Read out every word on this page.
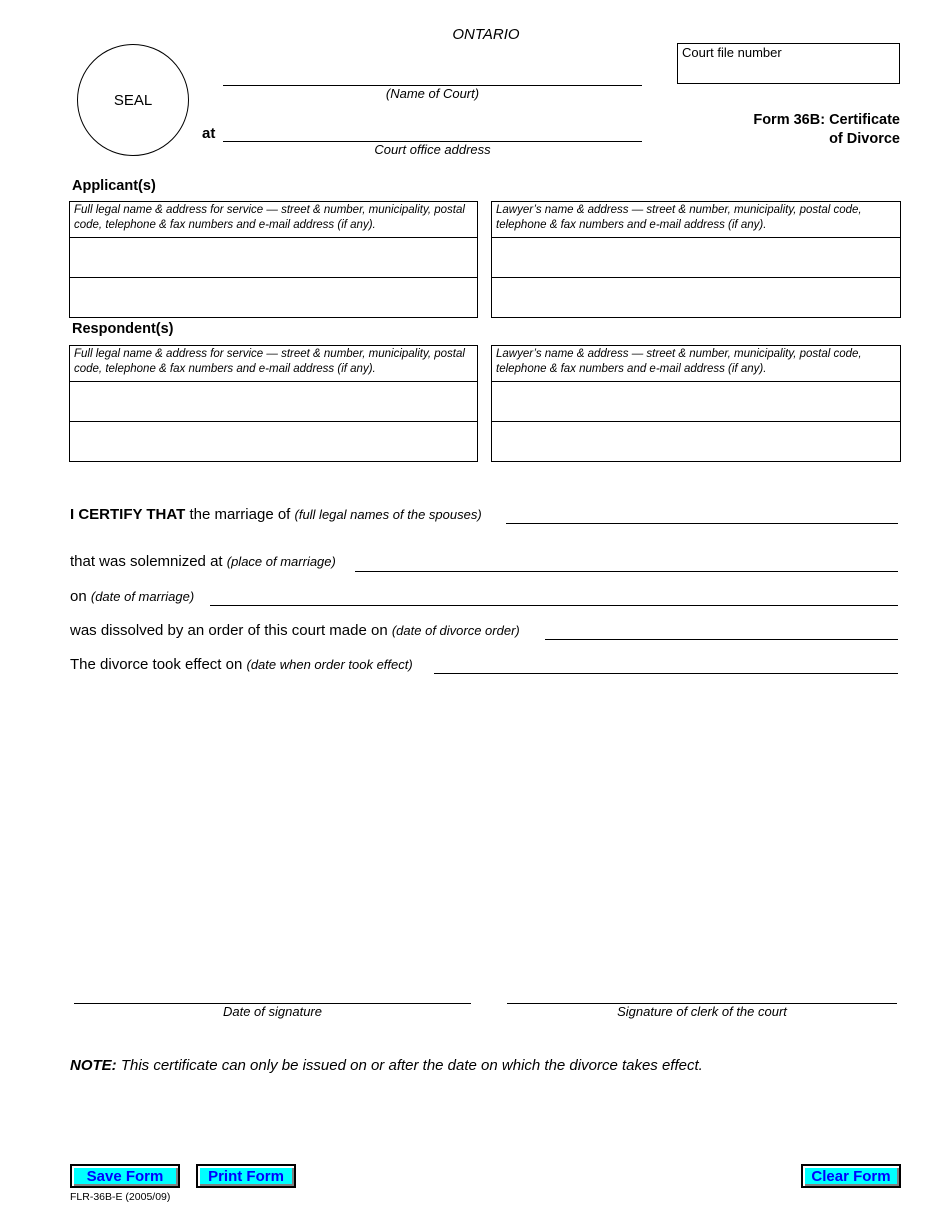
ONTARIO
SEAL	(Name of Court)
at
Court office address
Court file number
Form 36B: Certificate
of Divorce
Applicant(s)
Full legal name & address for service — street & number, municipality, postal code, telephone & fax numbers and e-mail address (if any).
Lawyer’s name & address — street & number, municipality, postal code, telephone & fax numbers and e-mail address (if any).
Respondent(s)
Full legal name & address for service — street & number, municipality, postal code, telephone & fax numbers and e-mail address (if any).
Lawyer’s name & address — street & number, municipality, postal code, telephone & fax numbers and e-mail address (if any).
I CERTIFY THAT the marriage of (full legal names of the spouses)
that was solemnized at (place of marriage)
on (date of marriage)
was dissolved by an order of this court made on (date of divorce order)
The divorce took effect on (date when order took effect)
Date of signature	Signature of clerk of the court
NOTE: This certificate can only be issued on or after the date on which the divorce takes effect.
Save Form	Print Form	Clear Form
FLR-36B-E (2005/09)
